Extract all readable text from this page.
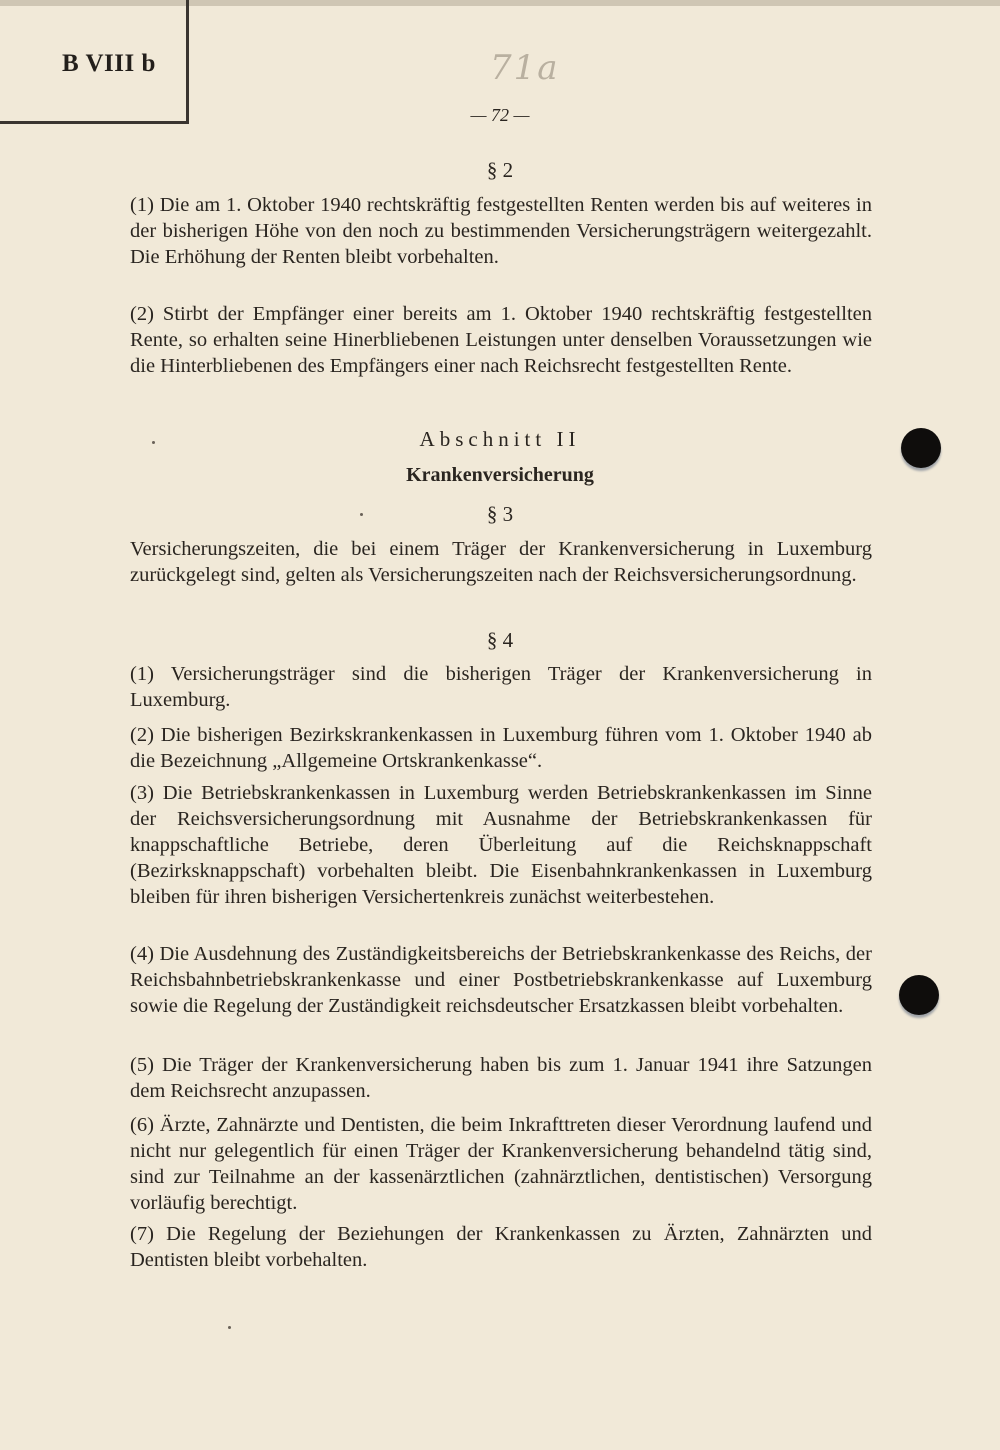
B VIII b	71a
— 72 —
§ 2

(1) Die am 1. Oktober 1940 rechtskräftig festgestellten Renten werden bis auf weiteres in der bisherigen Höhe von den noch zu bestimmenden Versicherungsträgern weitergezahlt. Die Erhöhung der Renten bleibt vorbehalten.

(2) Stirbt der Empfänger einer bereits am 1. Oktober 1940 rechtskräftig festgestellten Rente, so erhalten seine Hinerbliebenen Leistungen unter denselben Voraussetzungen wie die Hinterbliebenen des Empfängers einer nach Reichsrecht festgestellten Rente.

Abschnitt II
Krankenversicherung
§ 3

Versicherungszeiten, die bei einem Träger der Krankenversicherung in Luxemburg zurückgelegt sind, gelten als Versicherungszeiten nach der Reichsversicherungsordnung.

§ 4

(1) Versicherungsträger sind die bisherigen Träger der Krankenversicherung in Luxemburg.

(2) Die bisherigen Bezirkskrankenkassen in Luxemburg führen vom 1. Oktober 1940 ab die Bezeichnung „Allgemeine Ortskrankenkasse“.

(3) Die Betriebskrankenkassen in Luxemburg werden Betriebskrankenkassen im Sinne der Reichsversicherungsordnung mit Ausnahme der Betriebskrankenkassen für knappschaftliche Betriebe, deren Überleitung auf die Reichsknappschaft (Bezirksknappschaft) vorbehalten bleibt. Die Eisenbahnkrankenkassen in Luxemburg bleiben für ihren bisherigen Versichertenkreis zunächst weiterbestehen.

(4) Die Ausdehnung des Zuständigkeitsbereichs der Betriebskrankenkasse des Reichs, der Reichsbahnbetriebskrankenkasse und einer Postbetriebskrankenkasse auf Luxemburg sowie die Regelung der Zuständigkeit reichsdeutscher Ersatzkassen bleibt vorbehalten.

(5) Die Träger der Krankenversicherung haben bis zum 1. Januar 1941 ihre Satzungen dem Reichsrecht anzupassen.

(6) Ärzte, Zahnärzte und Dentisten, die beim Inkrafttreten dieser Verordnung laufend und nicht nur gelegentlich für einen Träger der Krankenversicherung behandelnd tätig sind, sind zur Teilnahme an der kassenärztlichen (zahnärztlichen, dentistischen) Versorgung vorläufig berechtigt.

(7) Die Regelung der Beziehungen der Krankenkassen zu Ärzten, Zahnärzten und Dentisten bleibt vorbehalten.
